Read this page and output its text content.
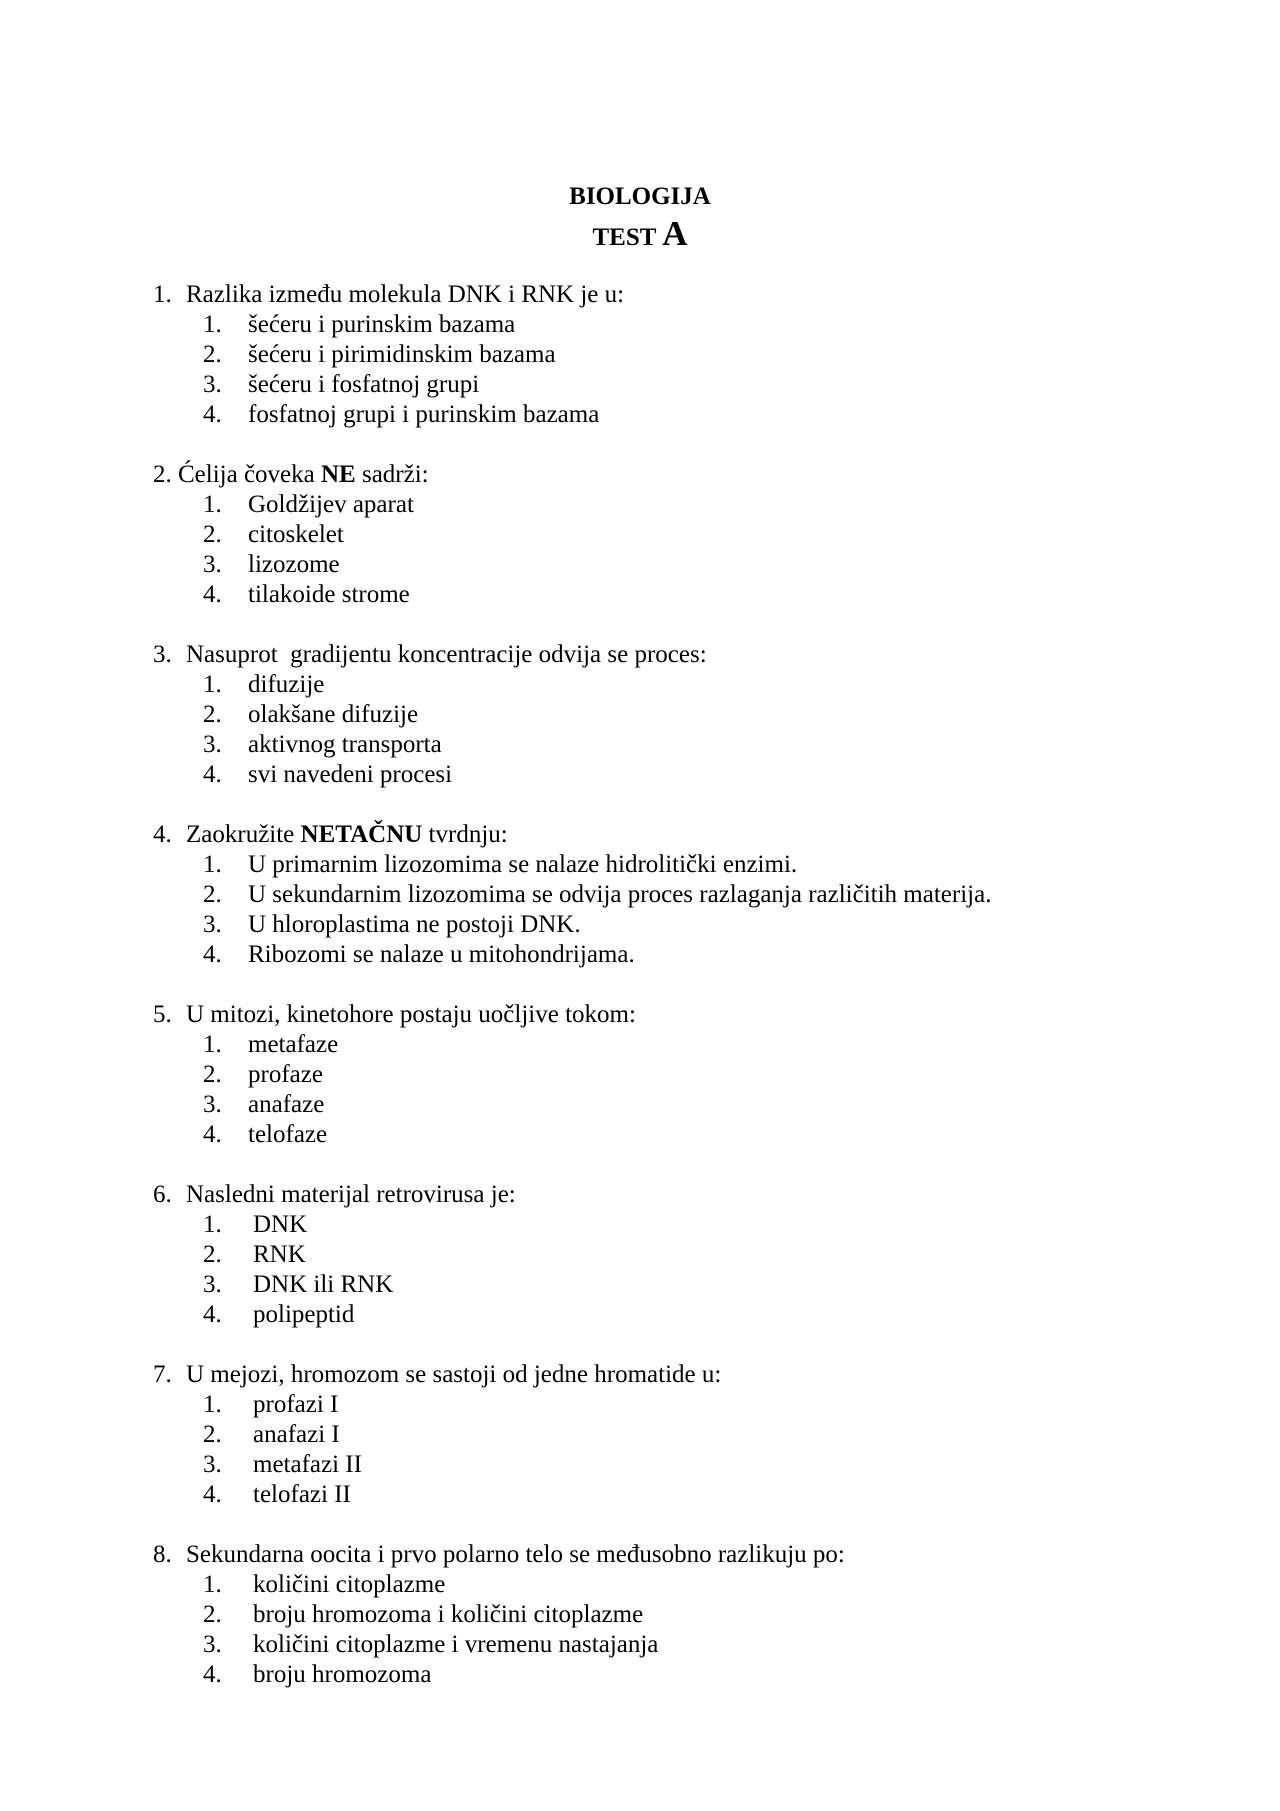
BIOLOGIJA
TEST A
1. Razlika između molekula DNK i RNK je u:
1.	šećeru i purinskim bazama
2.	šećeru i pirimidinskim bazama
3.	šećeru i fosfatnoj grupi
4.	fosfatnoj grupi i purinskim bazama
2. Ćelija čoveka NE sadrži:
1.	Goldžijev aparat
2.	citoskelet
3.	lizozome
4.	tilakoide strome
3. Nasuprot  gradijentu koncentracije odvija se proces:
1.	difuzije
2.	olakšane difuzije
3.	aktivnog transporta
4.	svi navedeni procesi
4. Zaokružite NETAČNU tvrdnju:
1.	U primarnim lizozomima se nalaze hidrolitički enzimi.
2.	U sekundarnim lizozomima se odvija proces razlaganja različitih materija.
3.	U hloroplastima ne postoji DNK.
4.	Ribozomi se nalaze u mitohondrijama.
5. U mitozi, kinetohore postaju uočljive tokom:
1.	metafaze
2.	profaze
3.	anafaze
4.	telofaze
6. Nasledni materijal retrovirusa je:
1.	DNK
2.	RNK
3.	DNK ili RNK
4.	polipeptid
7. U mejozi, hromozom se sastoji od jedne hromatide u:
1.	profazi I
2.	anafazi I
3.	metafazi II
4.	telofazi II
8. Sekundarna oocita i prvo polarno telo se međusobno razlikuju po:
1.	količini citoplazme
2.	broju hromozoma i količini citoplazme
3.	količini citoplazme i vremenu nastajanja
4.	broju hromozoma
